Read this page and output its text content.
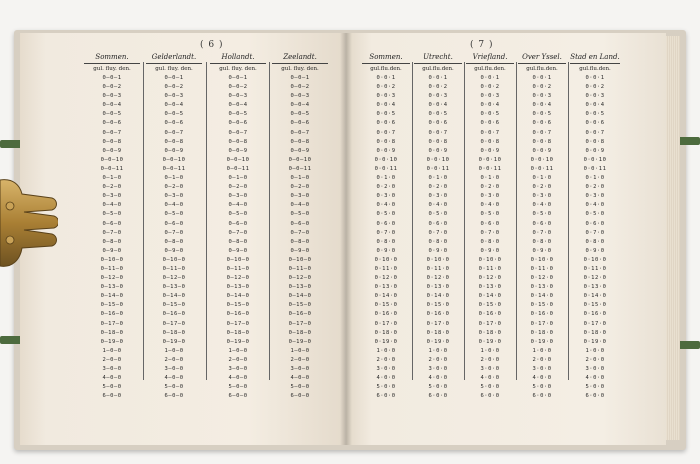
( 6 )	( 7 )
Sommen.
gul. fluy. den.
0—0—1
0—0—2
0—0—3
0—0—4
0—0—5
0—0—6
0—0—7
0—0—8
0—0—9
0—0—10
0—0—11
0—1—0
0—2—0
0—3—0
0—4—0
0—5—0
0—6—0
0—7—0
0—8—0
0—9—0
0—10—0
0—11—0
0—12—0
0—13—0
0—14—0
0—15—0
0—16—0
0—17—0
0—18—0
0—19—0
1—0—0
2—0—0
3—0—0
4—0—0
5—0—0
6—0—0
Gelderlandt.
gul. fluy. den.
0—0—1
0—0—2
0—0—3
0—0—4
0—0—5
0—0—6
0—0—7
0—0—8
0—0—9
0—0—10
0—0—11
0—1—0
0—2—0
0—3—0
0—4—0
0—5—0
0—6—0
0—7—0
0—8—0
0—9—0
0—10—0
0—11—0
0—12—0
0—13—0
0—14—0
0—15—0
0—16—0
0—17—0
0—18—0
0—19—0
1—0—0
2—0—0
3—0—0
4—0—0
5—0—0
6—0—0
Hollandt.
gul. fluy. den.
0—0—1
0—0—2
0—0—3
0—0—4
0—0—5
0—0—6
0—0—7
0—0—8
0—0—9
0—0—10
0—0—11
0—1—0
0—2—0
0—3—0
0—4—0
0—5—0
0—6—0
0—7—0
0—8—0
0—9—0
0—10—0
0—11—0
0—12—0
0—13—0
0—14—0
0—15—0
0—16—0
0—17—0
0—18—0
0—19—0
1—0—0
2—0—0
3—0—0
4—0—0
5—0—0
6—0—0
Zeelandt.
gul. fluy. den.
0—0—1
0—0—2
0—0—3
0—0—4
0—0—5
0—0—6
0—0—7
0—0—8
0—0—9
0—0—10
0—0—11
0—1—0
0—2—0
0—3—0
0—4—0
0—5—0
0—6—0
0—7—0
0—8—0
0—9—0
0—10—0
0—11—0
0—12—0
0—13—0
0—14—0
0—15—0
0—16—0
0—17—0
0—18—0
0—19—0
1—0—0
2—0—0
3—0—0
4—0—0
5—0—0
6—0—0
Sommen.
gul.flu.den.
0·0·1
0·0·2
0·0·3
0·0·4
0·0·5
0·0·6
0·0·7
0·0·8
0·0·9
0·0·10
0·0·11
0·1·0
0·2·0
0·3·0
0·4·0
0·5·0
0·6·0
0·7·0
0·8·0
0·9·0
0·10·0
0·11·0
0·12·0
0·13·0
0·14·0
0·15·0
0·16·0
0·17·0
0·18·0
0·19·0
1·0·0
2·0·0
3·0·0
4·0·0
5·0·0
6·0·0
Utrecht.
gul.flu.den.
0·0·1
0·0·2
0·0·3
0·0·4
0·0·5
0·0·6
0·0·7
0·0·8
0·0·9
0·0·10
0·0·11
0·1·0
0·2·0
0·3·0
0·4·0
0·5·0
0·6·0
0·7·0
0·8·0
0·9·0
0·10·0
0·11·0
0·12·0
0·13·0
0·14·0
0·15·0
0·16·0
0·17·0
0·18·0
0·19·0
1·0·0
2·0·0
3·0·0
4·0·0
5·0·0
6·0·0
Vriefland.
gul.flu.den.
0·0·1
0·0·2
0·0·3
0·0·4
0·0·5
0·0·6
0·0·7
0·0·8
0·0·9
0·0·10
0·0·11
0·1·0
0·2·0
0·3·0
0·4·0
0·5·0
0·6·0
0·7·0
0·8·0
0·9·0
0·10·0
0·11·0
0·12·0
0·13·0
0·14·0
0·15·0
0·16·0
0·17·0
0·18·0
0·19·0
1·0·0
2·0·0
3·0·0
4·0·0
5·0·0
6·0·0
Over Yssel.
gul.flu.den.
0·0·1
0·0·2
0·0·3
0·0·4
0·0·5
0·0·6
0·0·7
0·0·8
0·0·9
0·0·10
0·0·11
0·1·0
0·2·0
0·3·0
0·4·0
0·5·0
0·6·0
0·7·0
0·8·0
0·9·0
0·10·0
0·11·0
0·12·0
0·13·0
0·14·0
0·15·0
0·16·0
0·17·0
0·18·0
0·19·0
1·0·0
2·0·0
3·0·0
4·0·0
5·0·0
6·0·0
Stad en Land.
gul.flu.den.
0·0·1
0·0·2
0·0·3
0·0·4
0·0·5
0·0·6
0·0·7
0·0·8
0·0·9
0·0·10
0·0·11
0·1·0
0·2·0
0·3·0
0·4·0
0·5·0
0·6·0
0·7·0
0·8·0
0·9·0
0·10·0
0·11·0
0·12·0
0·13·0
0·14·0
0·15·0
0·16·0
0·17·0
0·18·0
0·19·0
1·0·0
2·0·0
3·0·0
4·0·0
5·0·0
6·0·0
